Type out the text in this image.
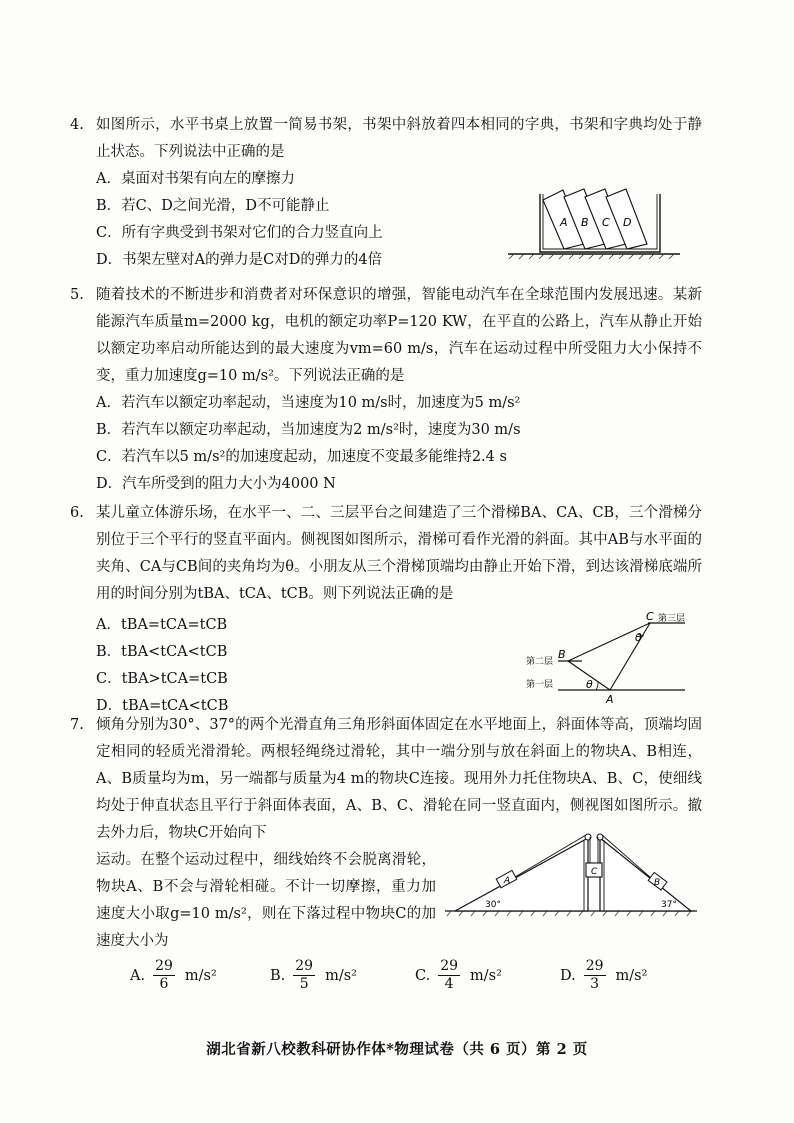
4. 如图所示，水平书桌上放置一简易书架，书架中斜放着四本相同的字典，书架和字典均处于静止状态。下列说法中正确的是

A．桌面对书架有向左的摩擦力

B．若C、D之间光滑，D不可能静止

C．所有字典受到书架对它们的合力竖直向上

D．书架左壁对A的弹力是C对D的弹力的4倍

A B C D
5. 随着技术的不断进步和消费者对环保意识的增强，智能电动汽车在全球范围内发展迅速。某新能源汽车质量m=2000 kg，电机的额定功率P=120 KW，在平直的公路上，汽车从静止开始以额定功率启动所能达到的最大速度为vm=60 m/s，汽车在运动过程中所受阻力大小保持不变，重力加速度g=10 m/s²。下列说法正确的是

A．若汽车以额定功率起动，当速度为10 m/s时，加速度为5 m/s²

B．若汽车以额定功率起动，当加速度为2 m/s²时，速度为30 m/s

C．若汽车以5 m/s²的加速度起动，加速度不变最多能维持2.4 s

D．汽车所受到的阻力大小为4000 N

6. 某儿童立体游乐场，在水平一、二、三层平台之间建造了三个滑梯BA、CA、CB，三个滑梯分别位于三个平行的竖直平面内。侧视图如图所示，滑梯可看作光滑的斜面。其中AB与水平面的夹角、CA与CB间的夹角均为θ。小朋友从三个滑梯顶端均由静止开始下滑，到达该滑梯底端所用的时间分别为tBA、tCA、tCB。则下列说法正确的是

A．tBA=tCA=tCB

B．tBA<tCA<tCB

C．tBA>tCA=tCB

D．tBA=tCA<tCB

C 第三层
第二层
B
第一层
A
θ
θ
7. 倾角分别为30°、37°的两个光滑直角三角形斜面体固定在水平地面上，斜面体等高，顶端均固定相同的轻质光滑滑轮。两根轻绳绕过滑轮，其中一端分别与放在斜面上的物块A、B相连，A、B质量均为m，另一端都与质量为4 m的物块C连接。现用外力托住物块A、B、C，使细线均处于伸直状态且平行于斜面体表面，A、B、C、滑轮在同一竖直面内，侧视图如图所示。撤去外力后，物块C开始向下

运动。在整个运动过程中，细线始终不会脱离滑轮，物块A、B不会与滑轮相碰。不计一切摩擦，重力加速度大小取g=10 m/s²，则在下落过程中物块C的加速度大小为

A	B
C
30°	37°
A. $\frac{29}{6} m/s^2$	B. $\frac{29}{5} m/s^2$	C. $\frac{29}{4} m/s^2$	D. $\frac{29}{3} m/s^2$
湖北省新八校教科研协作体*物理试卷（共 6 页）第 2 页
